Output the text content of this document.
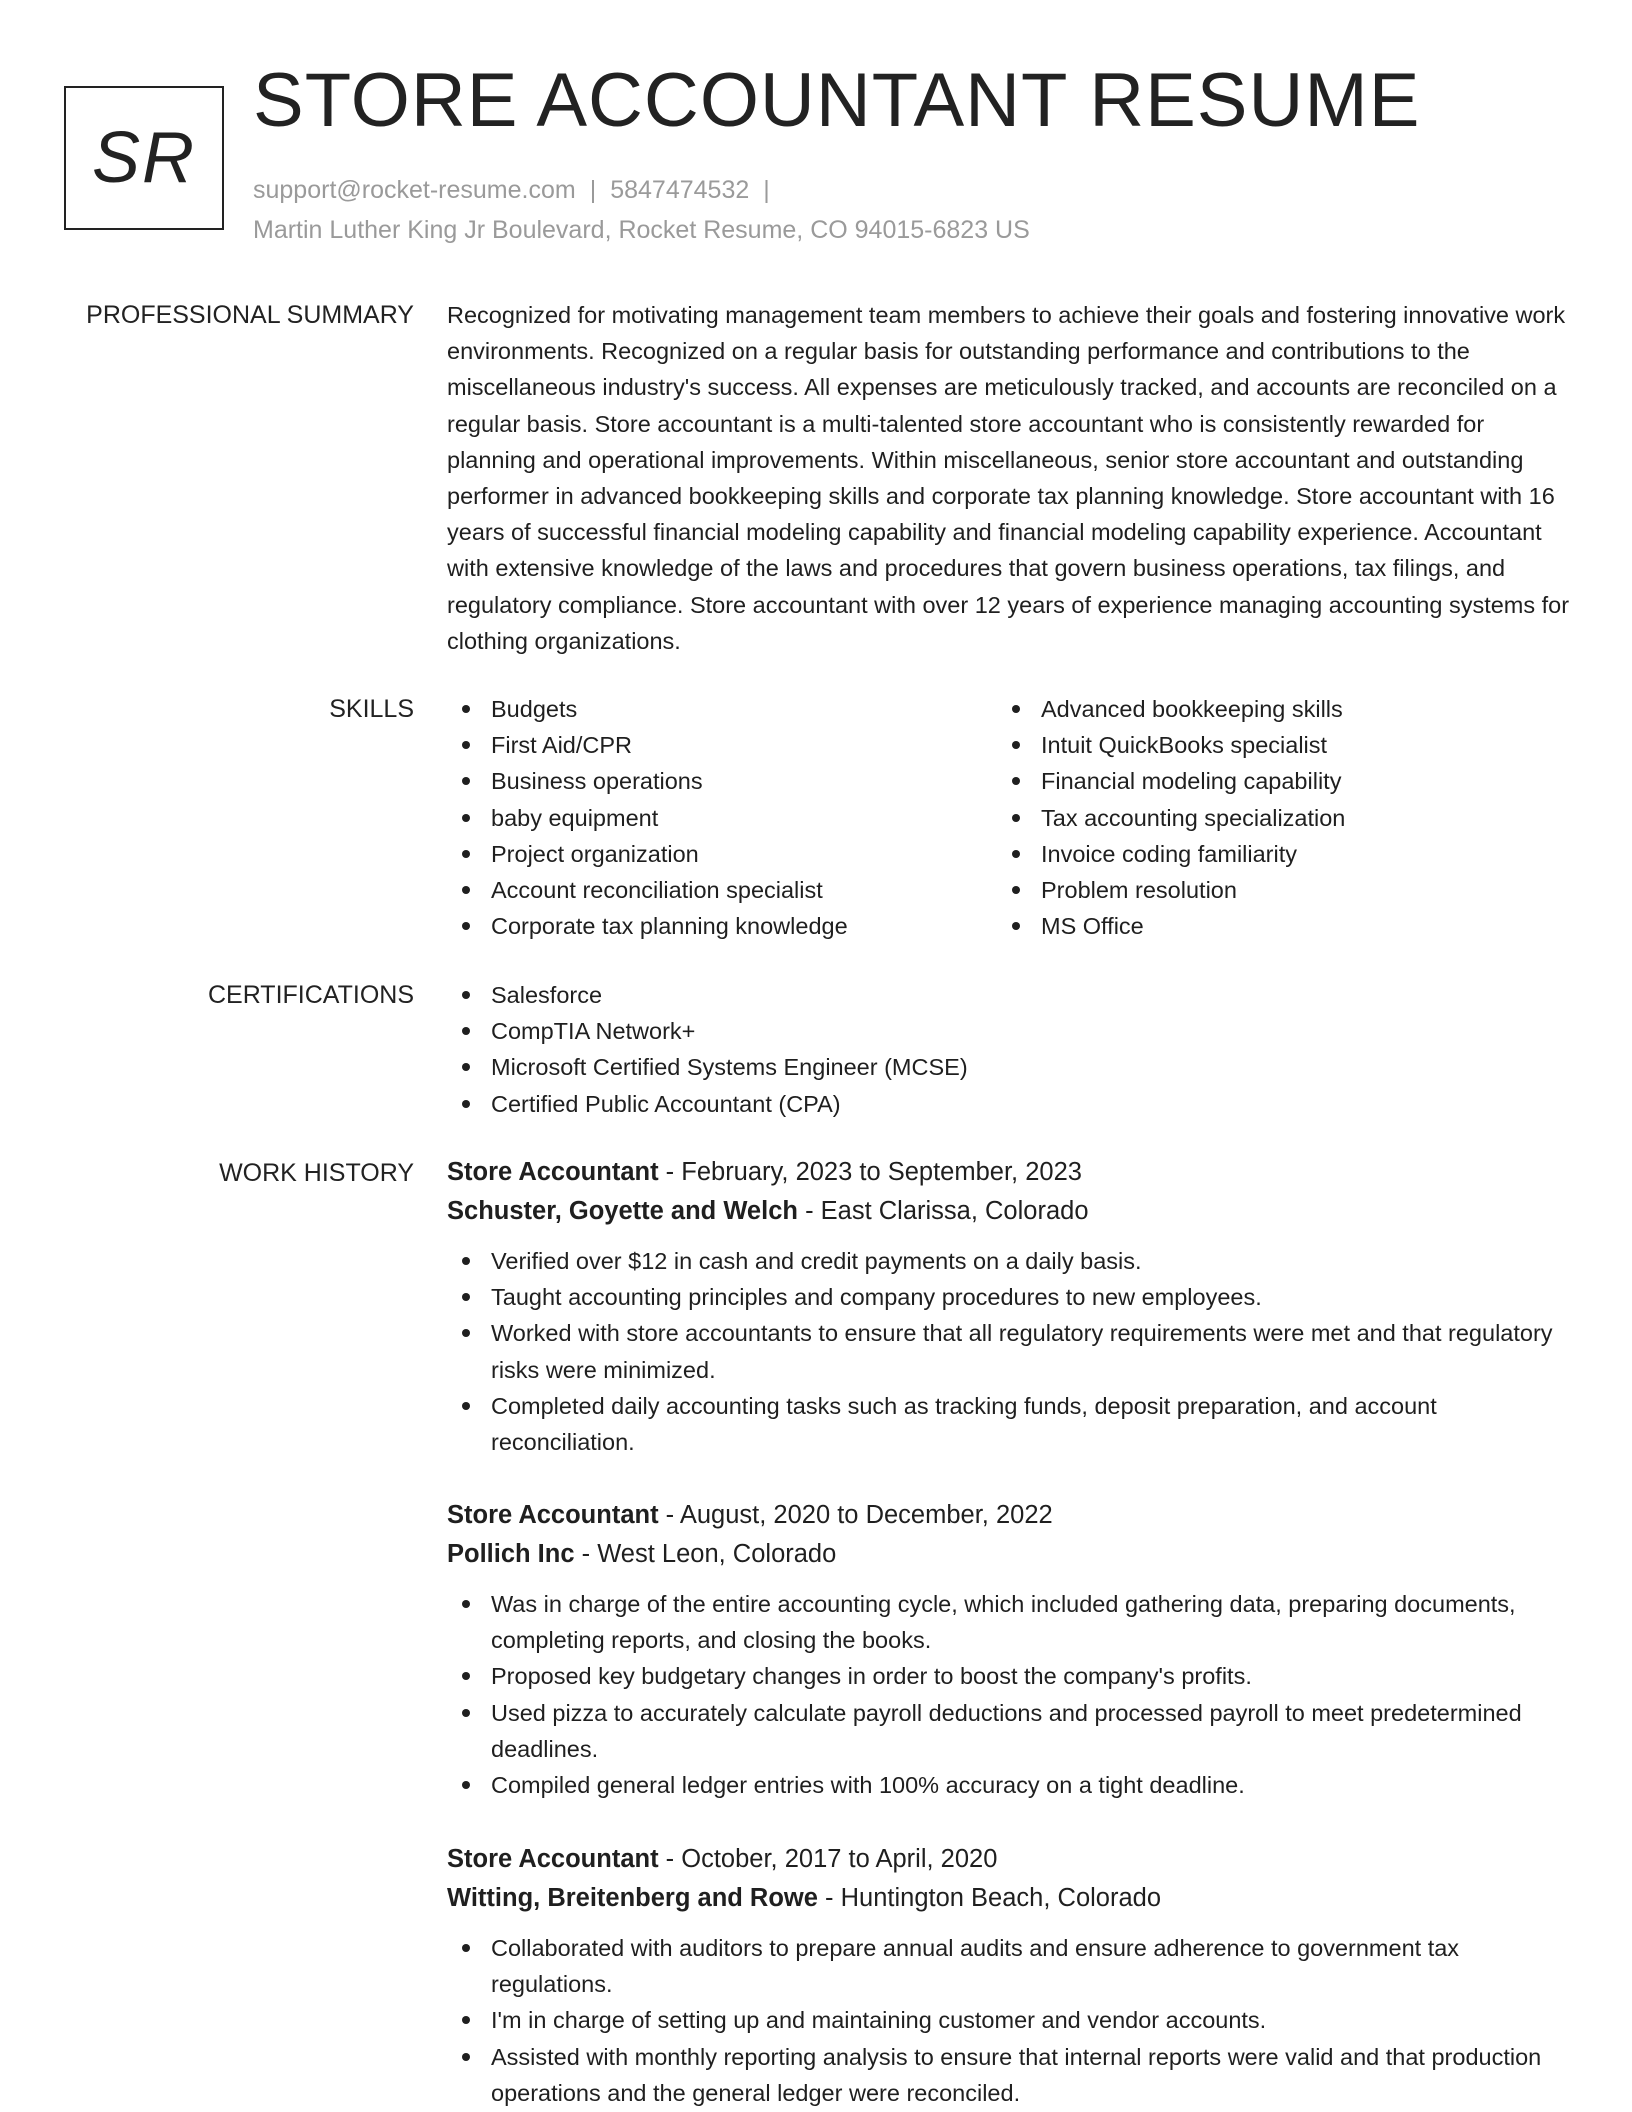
SR
STORE ACCOUNTANT RESUME
support@rocket-resume.com | 5847474532 |
Martin Luther King Jr Boulevard, Rocket Resume, CO 94015-6823 US
PROFESSIONAL SUMMARY Recognized for motivating management team members to achieve their goals and fostering innovative work environments. Recognized on a regular basis for outstanding performance and contributions to the miscellaneous industry's success. All expenses are meticulously tracked, and accounts are reconciled on a regular basis. Store accountant is a multi-talented store accountant who is consistently rewarded for planning and operational improvements. Within miscellaneous, senior store accountant and outstanding performer in advanced bookkeeping skills and corporate tax planning knowledge. Store accountant with 16 years of successful financial modeling capability and financial modeling capability experience. Accountant with extensive knowledge of the laws and procedures that govern business operations, tax filings, and regulatory compliance. Store accountant with over 12 years of experience managing accounting systems for clothing organizations.

SKILLS	Budgets
First Aid/CPR
Business operations
baby equipment
Project organization
Account reconciliation specialist
Corporate tax planning knowledge
Advanced bookkeeping skills
Intuit QuickBooks specialist
Financial modeling capability
Tax accounting specialization
Invoice coding familiarity
Problem resolution
MS Office
CERTIFICATIONS	Salesforce
CompTIA Network+
Microsoft Certified Systems Engineer (MCSE)
Certified Public Accountant (CPA)
WORK HISTORY Store Accountant - February, 2023 to September, 2023
Schuster, Goyette and Welch - East Clarissa, Colorado
Verified over $12 in cash and credit payments on a daily basis.
Taught accounting principles and company procedures to new employees.
Worked with store accountants to ensure that all regulatory requirements were met and that regulatory risks were minimized.
Completed daily accounting tasks such as tracking funds, deposit preparation, and account reconciliation.
Store Accountant - August, 2020 to December, 2022
Pollich Inc - West Leon, Colorado
Was in charge of the entire accounting cycle, which included gathering data, preparing documents, completing reports, and closing the books.
Proposed key budgetary changes in order to boost the company's profits.
Used pizza to accurately calculate payroll deductions and processed payroll to meet predetermined deadlines.
Compiled general ledger entries with 100% accuracy on a tight deadline.
Store Accountant - October, 2017 to April, 2020
Witting, Breitenberg and Rowe - Huntington Beach, Colorado
Collaborated with auditors to prepare annual audits and ensure adherence to government tax regulations.
I'm in charge of setting up and maintaining customer and vendor accounts.
Assisted with monthly reporting analysis to ensure that internal reports were valid and that production operations and the general ledger were reconciled.
